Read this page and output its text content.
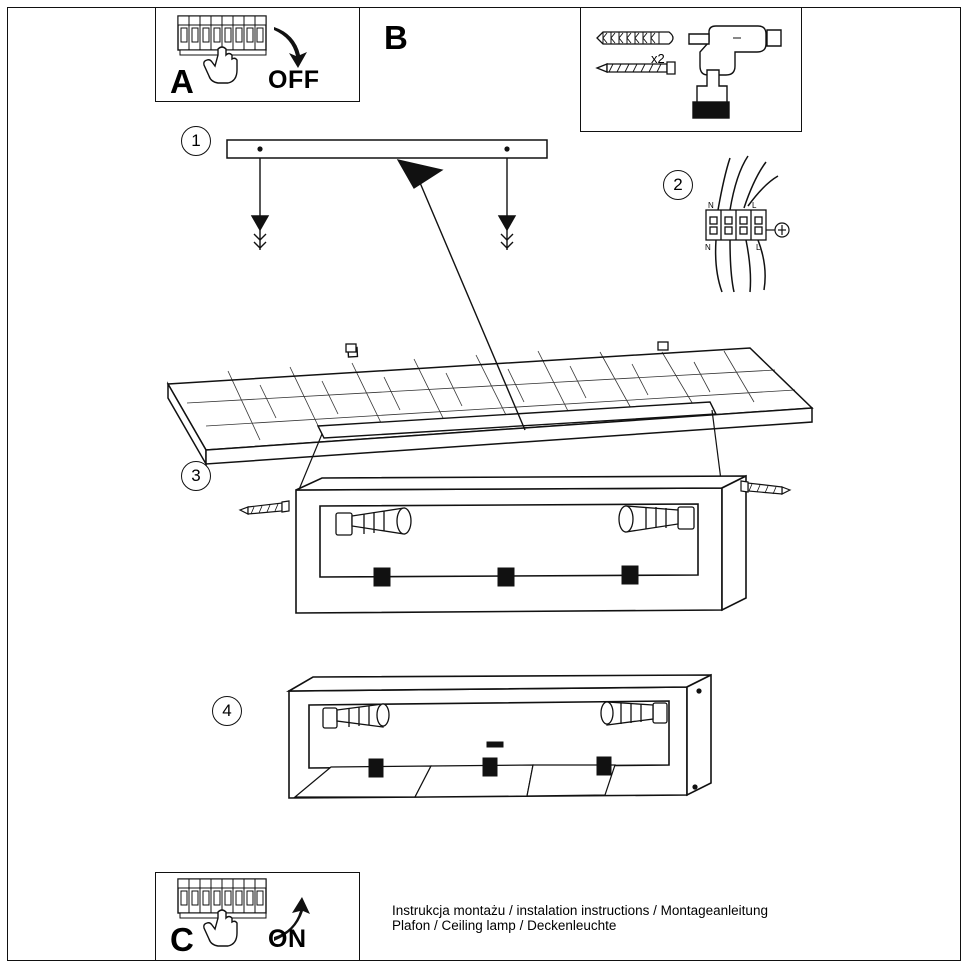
A	OFF
B
x2
1
2
N	L
N	L
3
4
C	ON
Instrukcja montażu / instalation instructions / Montageanleitung
Plafon / Ceiling lamp / Deckenleuchte
